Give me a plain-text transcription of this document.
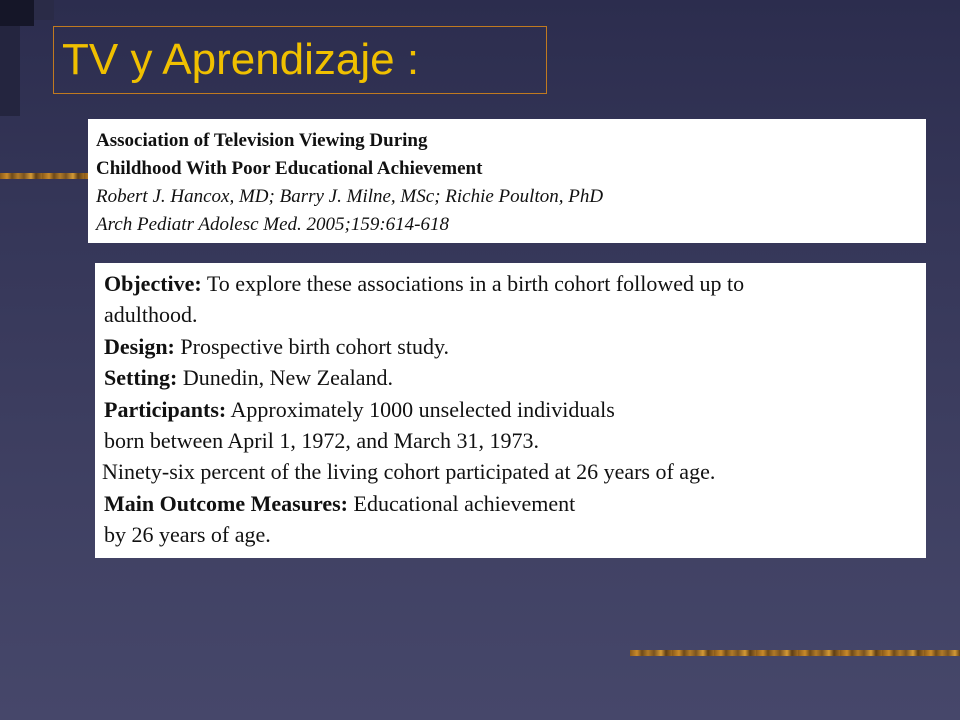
TV y Aprendizaje :
Association of Television Viewing During
Childhood With Poor Educational Achievement
Robert J. Hancox, MD; Barry J. Milne, MSc; Richie Poulton, PhD
Arch Pediatr Adolesc Med. 2005;159:614-618
Objective: To explore these associations in a birth cohort followed up to
adulthood.
Design: Prospective birth cohort study.
Setting: Dunedin, New Zealand.
Participants: Approximately 1000 unselected individuals
born between April 1, 1972, and March 31, 1973.
Ninety-six percent of the living cohort participated at 26 years of age.
Main Outcome Measures: Educational achievement
by 26 years of age.
